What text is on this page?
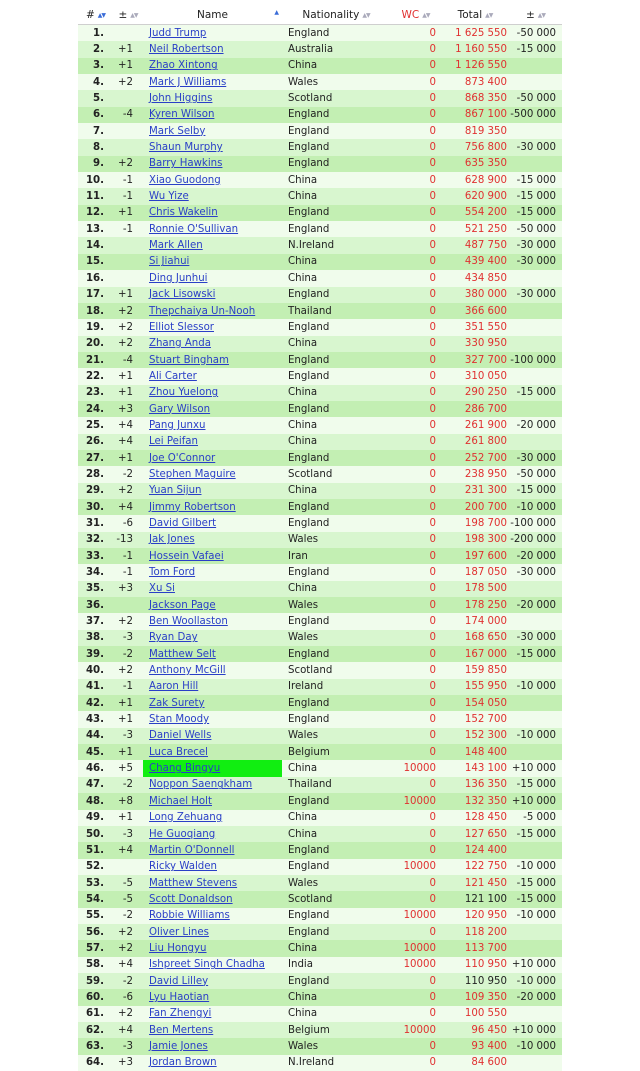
# ▲▼	± ▲▼	Name ▲	Nationality ▲▼	WC ▲▼	Total ▲▼	± ▲▼
1.		Judd Trump	England	0	1 625 550	-50 000
2.	+1	Neil Robertson	Australia	0	1 160 550	-15 000
3.	+1	Zhao Xintong	China	0	1 126 550	
4.	+2	Mark J Williams	Wales	0	873 400	
5.		John Higgins	Scotland	0	868 350	-50 000
6.	-4	Kyren Wilson	England	0	867 100	-500 000
7.		Mark Selby	England	0	819 350	
8.		Shaun Murphy	England	0	756 800	-30 000
9.	+2	Barry Hawkins	England	0	635 350	
10.	-1	Xiao Guodong	China	0	628 900	-15 000
11.	-1	Wu Yize	China	0	620 900	-15 000
12.	+1	Chris Wakelin	England	0	554 200	-15 000
13.	-1	Ronnie O'Sullivan	England	0	521 250	-50 000
14.		Mark Allen	N.Ireland	0	487 750	-30 000
15.		Si Jiahui	China	0	439 400	-30 000
16.		Ding Junhui	China	0	434 850	
17.	+1	Jack Lisowski	England	0	380 000	-30 000
18.	+2	Thepchaiya Un-Nooh	Thailand	0	366 600	
19.	+2	Elliot Slessor	England	0	351 550	
20.	+2	Zhang Anda	China	0	330 950	
21.	-4	Stuart Bingham	England	0	327 700	-100 000
22.	+1	Ali Carter	England	0	310 050	
23.	+1	Zhou Yuelong	China	0	290 250	-15 000
24.	+3	Gary Wilson	England	0	286 700	
25.	+4	Pang Junxu	China	0	261 900	-20 000
26.	+4	Lei Peifan	China	0	261 800	
27.	+1	Joe O'Connor	England	0	252 700	-30 000
28.	-2	Stephen Maguire	Scotland	0	238 950	-50 000
29.	+2	Yuan Sijun	China	0	231 300	-15 000
30.	+4	Jimmy Robertson	England	0	200 700	-10 000
31.	-6	David Gilbert	England	0	198 700	-100 000
32.	-13	Jak Jones	Wales	0	198 300	-200 000
33.	-1	Hossein Vafaei	Iran	0	197 600	-20 000
34.	-1	Tom Ford	England	0	187 050	-30 000
35.	+3	Xu Si	China	0	178 500	
36.		Jackson Page	Wales	0	178 250	-20 000
37.	+2	Ben Woollaston	England	0	174 000	
38.	-3	Ryan Day	Wales	0	168 650	-30 000
39.	-2	Matthew Selt	England	0	167 000	-15 000
40.	+2	Anthony McGill	Scotland	0	159 850	
41.	-1	Aaron Hill	Ireland	0	155 950	-10 000
42.	+1	Zak Surety	England	0	154 050	
43.	+1	Stan Moody	England	0	152 700	
44.	-3	Daniel Wells	Wales	0	152 300	-10 000
45.	+1	Luca Brecel	Belgium	0	148 400	
46.	+5	Chang Bingyu	China	10000	143 100	+10 000
47.	-2	Noppon Saengkham	Thailand	0	136 350	-15 000
48.	+8	Michael Holt	England	10000	132 350	+10 000
49.	+1	Long Zehuang	China	0	128 450	-5 000
50.	-3	He Guoqiang	China	0	127 650	-15 000
51.	+4	Martin O'Donnell	England	0	124 400	
52.		Ricky Walden	England	10000	122 750	-10 000
53.	-5	Matthew Stevens	Wales	0	121 450	-15 000
54.	-5	Scott Donaldson	Scotland	0	121 100	-15 000
55.	-2	Robbie Williams	England	10000	120 950	-10 000
56.	+2	Oliver Lines	England	0	118 200	
57.	+2	Liu Hongyu	China	10000	113 700	
58.	+4	Ishpreet Singh Chadha	India	10000	110 950	+10 000
59.	-2	David Lilley	England	0	110 950	-10 000
60.	-6	Lyu Haotian	China	0	109 350	-20 000
61.	+2	Fan Zhengyi	China	0	100 550	
62.	+4	Ben Mertens	Belgium	10000	96 450	+10 000
63.	-3	Jamie Jones	Wales	0	93 400	-10 000
64.	+3	Jordan Brown	N.Ireland	0	84 600	
